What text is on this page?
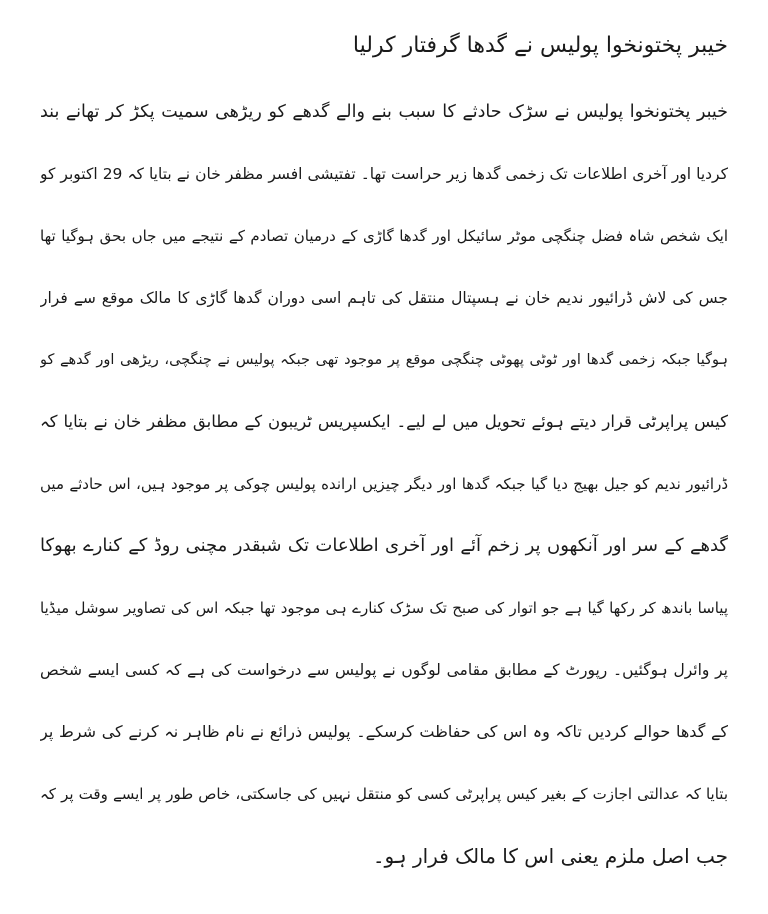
خیبر پختونخوا پولیس نے گدھا گرفتار کرلیا
خیبر پختونخوا پولیس نے سڑک حادثے کا سبب بنے والے گدھے کو ریڑھی سمیت پکڑ کر تھانے بند
کردیا اور آخری اطلاعات تک زخمی گدھا زیر حراست تھا۔ تفتیشی افسر مظفر خان نے بتایا کہ 29 اکتوبر کو
ایک شخص شاہ فضل چنگچی موٹر سائیکل اور گدھا گاڑی کے درمیان تصادم کے نتیجے میں جاں بحق ہوگیا تھا
جس کی لاش ڈرائیور ندیم خان نے ہسپتال منتقل کی تاہم اسی دوران گدھا گاڑی کا مالک موقع سے فرار
ہوگیا جبکہ زخمی گدھا اور ٹوٹی پھوٹی چنگچی موقع پر موجود تھی جبکہ پولیس نے چنگچی، ریڑھی اور گدھے کو
کیس پراپرٹی قرار دیتے ہوئے تحویل میں لے لیے۔ ایکسپریس ٹریبون کے مطابق مظفر خان نے بتایا کہ
ڈرائیور ندیم کو جیل بھیج دیا گیا جبکہ گدھا اور دیگر چیزیں ارانده پولیس چوکی پر موجود ہیں، اس حادثے میں
گدھے کے سر اور آنکھوں پر زخم آئے اور آخری اطلاعات تک شبقدر مچنی روڈ کے کنارے بھوکا
پیاسا باندھ کر رکھا گیا ہے جو اتوار کی صبح تک سڑک کنارے ہی موجود تھا جبکہ اس کی تصاویر سوشل میڈیا
پر وائرل ہوگئیں۔ رپورٹ کے مطابق مقامی لوگوں نے پولیس سے درخواست کی ہے کہ کسی ایسے شخص
کے گدھا حوالے کردیں تاکہ وہ اس کی حفاظت کرسکے۔ پولیس ذرائع نے نام ظاہر نہ کرنے کی شرط پر
بتایا کہ عدالتی اجازت کے بغیر کیس پراپرٹی کسی کو منتقل نہیں کی جاسکتی، خاص طور پر ایسے وقت پر کہ
جب اصل ملزم یعنی اس کا مالک فرار ہو۔
